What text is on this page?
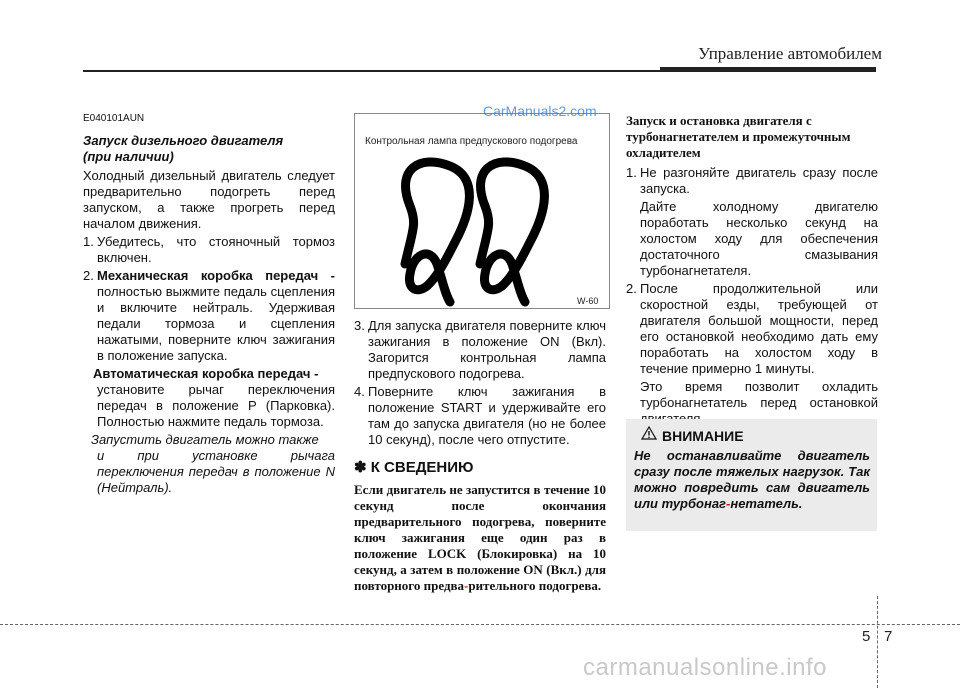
Управление автомобилем
E040101AUN
Запуск дизельного двигателя
(при наличии)

Холодный дизельный двигатель следует предварительно подогреть перед запуском, а также прогреть перед началом движения.

1. Убедитесь, что стояночный тормоз включен.
2. Механическая коробка передач - полностью выжмите педаль сцепления и включите нейтраль. Удерживая педали тормоза и сцепления нажатыми, поверните ключ зажигания в положение запуска.
Автоматическая коробка передач -
установите рычаг переключения передач в положение P (Парковка). Полностью нажмите педаль тормоза.
Запустить двигатель можно также
и при установке рычага переключения передач в положение N (Нейтраль).
Контрольная лампа предпускового подогрева
W-60
CarManuals2.com
3. Для запуска двигателя поверните ключ зажигания в положение ON (Вкл). Загорится контрольная лампа предпускового подогрева.
4. Поверните ключ зажигания в положение START и удерживайте его там до запуска двигателя (но не более 10 секунд), после чего отпустите.
✽ К СВЕДЕНИЮ
Если двигатель не запустится в течение 10 секунд после окончания предварительного подогрева, поверните ключ зажигания еще один раз в положение LOCK (Блокировка) на 10 секунд, а затем в положение ON (Вкл.) для повторного предва-рительного подогрева.
Запуск и остановка двигателя с турбонагнетателем и промежуточным охладителем
1. Не разгоняйте двигатель сразу после запуска.
Дайте холодному двигателю поработать несколько секунд на холостом ходу для обеспечения достаточного смазывания турбонагнетателя.
2. После продолжительной или скоростной езды, требующей от двигателя большой мощности, перед его остановкой необходимо дать ему поработать на холостом ходу в течение примерно 1 минуты.
Это время позволит охладить турбонагнетатель перед остановкой
ВНИМАНИЕ
Не останавливайте двигатель сразу после тяжелых нагрузок. Так можно повредить сам двигатель или турбонаг-нетатель.
5 7
carmanualsonline.info
